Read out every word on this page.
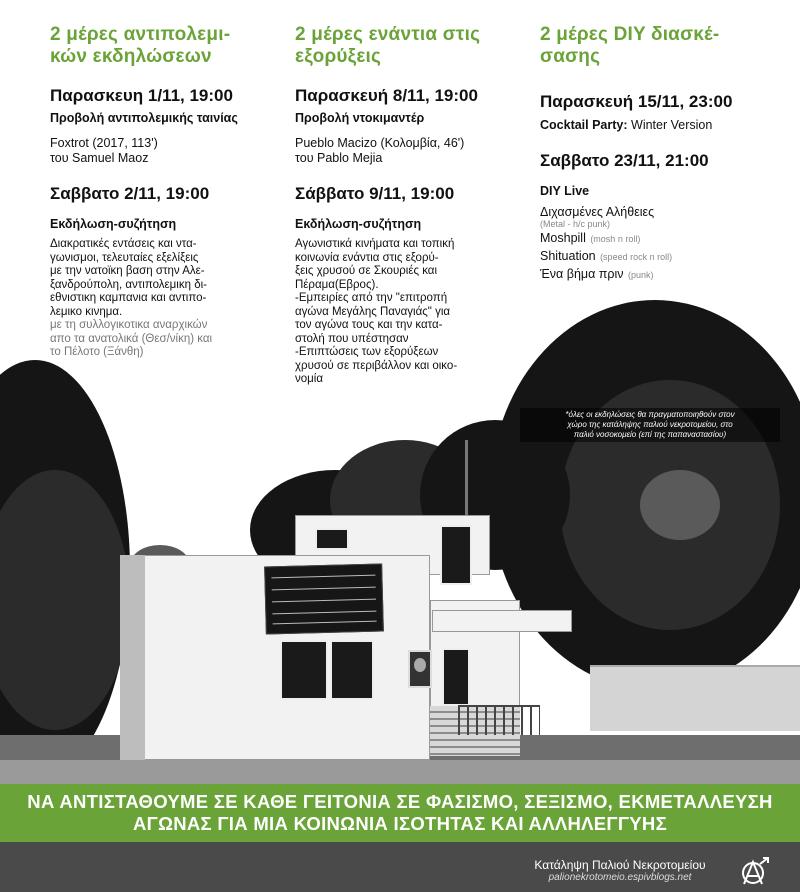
2 μέρες αντιπολεμι-
κών εκδηλώσεων
Παρασκευη 1/11, 19:00
Προβολή αντιπολεμικής ταινίας
Foxtrot (2017, 113')
του Samuel Maoz
Σαββατο 2/11, 19:00
Εκδήλωση-συζήτηση
Διακρατικές εντάσεις και ντα-
γωνισμοι, τελευταίες εξελίξεις
με την νατοϊκη βαση στην Αλε-
ξανδρούπολη, αντιπολεμικη δι-
εθνιστικη καμπανια και αντιπο-
λεμικο κινημα.
με τη συλλογικοτικα αναρχικών
απο τα ανατολικά (Θεσ/νίκη) και
το Πέλοτο (Ξάνθη)
2 μέρες ενάντια στις
εξορύξεις
Παρασκευή 8/11, 19:00
Προβολή ντοκιμαντέρ
Pueblo Macizo (Κολομβία, 46')
του Pablo Mejia
Σάββατο 9/11, 19:00
Εκδήλωση-συζήτηση
Αγωνιστικά κινήματα και τοπική
κοινωνία ενάντια στις εξορύ-
ξεις χρυσού σε Σκουριές και
Πέραμα(Εβρος).
-Εμπειρίες από την "επιτροπή
αγώνα Μεγάλης Παναγιάς" για
τον αγώνα τους και την κατα-
στολή που υπέστησαν
-Επιπτώσεις των εξορύξεων
χρυσού σε περιβάλλον και οικο-
νομία
2 μέρες DIY διασκέ-
σασης
Παρασκευή 15/11, 23:00
Cocktail Party: Winter Version
Σαββατο 23/11, 21:00
DIY Live
Διχασμένες Αλήθειες
(Metal - h/c punk)
Moshpill (mosh n roll)
Shituation (speed rock n roll)
Ένα βήμα πριν (punk)
*όλες οι εκδηλώσεις θα πραγματοποιηθούν στον
χώρο της κατάληψης παλιού νεκροτομείου, στο
παλιό νοσοκομείο (επί της παπαναστασίου)
ΝΑ ΑΝΤΙΣΤΑΘΟΥΜΕ ΣΕ ΚΑΘΕ ΓΕΙΤΟΝΙΑ ΣΕ ΦΑΣΙΣΜΟ, ΣΕΞΙΣΜΟ, ΕΚΜΕΤΑΛΛΕΥΣΗ
ΑΓΩΝΑΣ ΓΙΑ ΜΙΑ ΚΟΙΝΩΝΙΑ ΙΣΟΤΗΤΑΣ ΚΑΙ ΑΛΛΗΛΕΓΓΥΗΣ
Κατάληψη Παλιού Νεκροτομείου
palionekrotomeio.espivblogs.net
